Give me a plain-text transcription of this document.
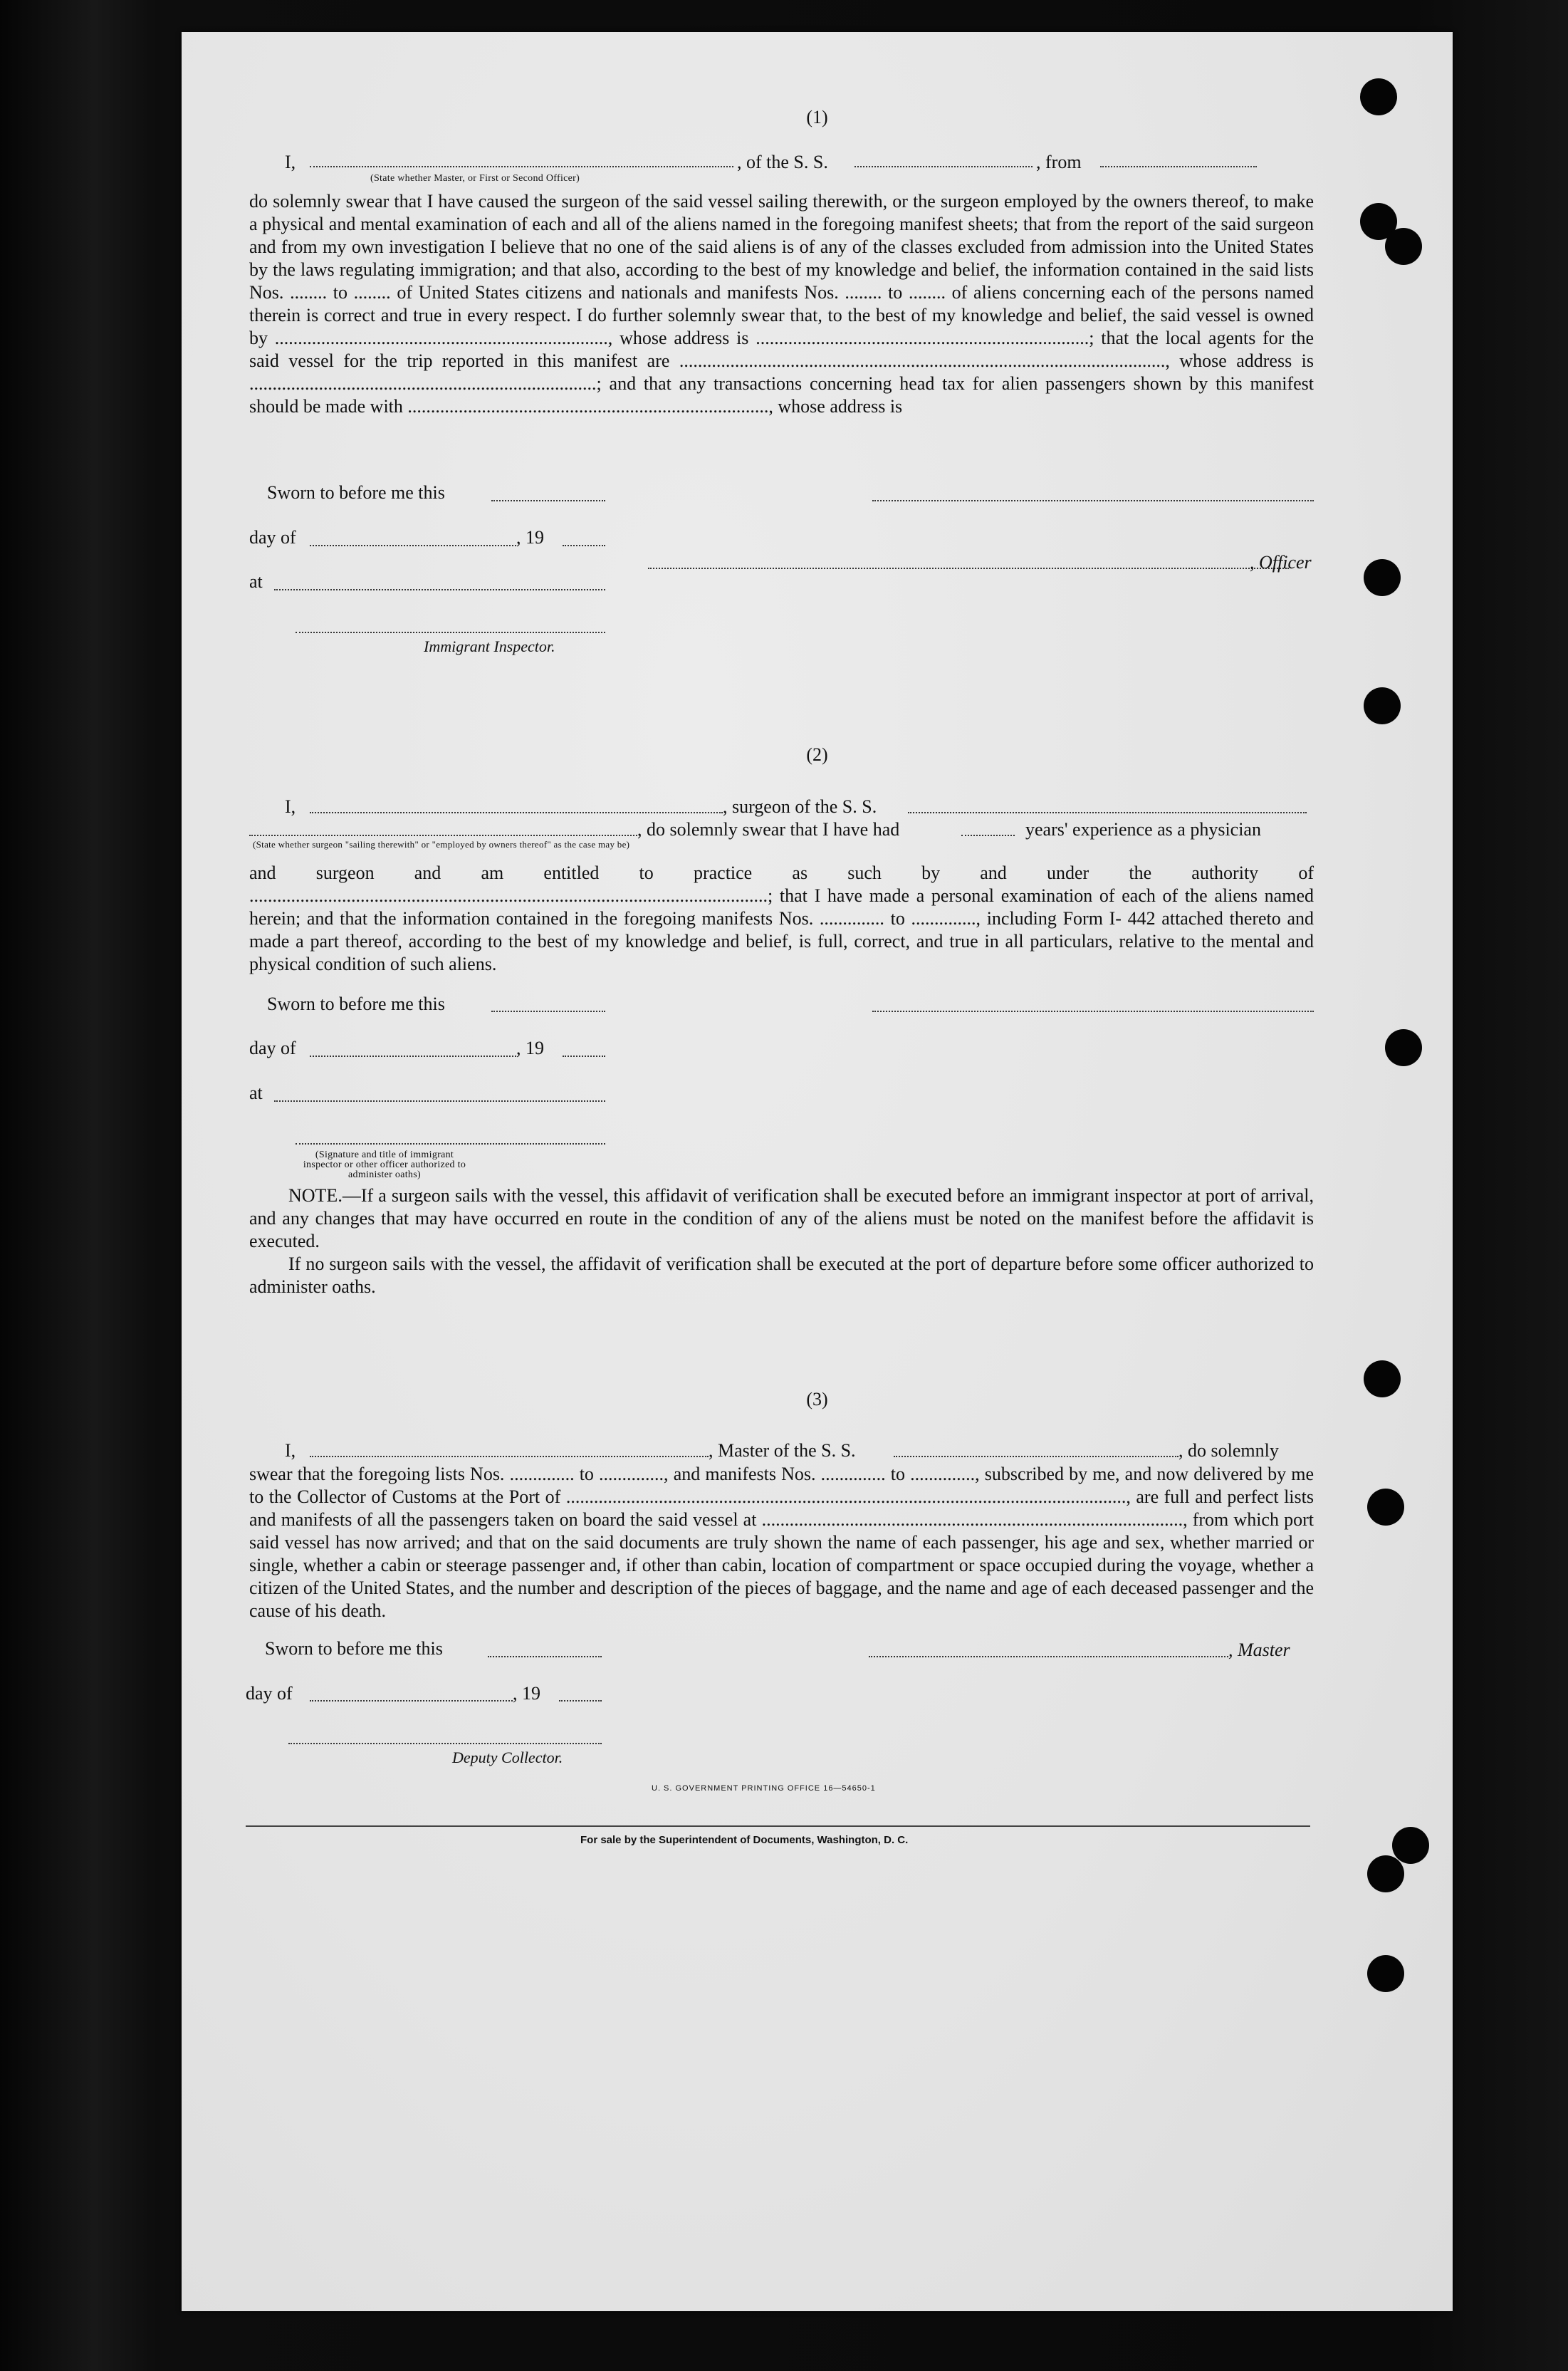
(1)
I,	, of the S. S.	, from
(State whether Master, or First or Second Officer)
do solemnly swear that I have caused the surgeon of the said vessel sailing therewith, or the surgeon employed by the owners thereof, to make a physical and mental examination of each and all of the aliens named in the foregoing manifest sheets; that from the report of the said surgeon and from my own investigation I believe that no one of the said aliens is of any of the classes excluded from admission into the United States by the laws regulating immigration; and that also, according to the best of my knowledge and belief, the information contained in the said lists Nos. ........ to ........ of United States citizens and nationals and manifests Nos. ........ to ........ of aliens concerning each of the persons named therein is correct and true in every respect. I do further solemnly swear that, to the best of my knowledge and belief, the said vessel is owned by ........................................................................, whose address is ........................................................................; that the local agents for the said vessel for the trip reported in this manifest are ........................................................................................................., whose address is ...........................................................................; and that any transactions concerning head tax for alien passengers shown by this manifest should be made with .............................................................................., whose address is
Sworn to before me this
day of	, 19
at
, Officer
Immigrant Inspector.
(2)
I,	, surgeon of the S. S.
, do solemnly swear that I have had	years' experience as a physician
(State whether surgeon "sailing therewith" or "employed by owners thereof" as the case may be)
and surgeon and am entitled to practice as such by and under the authority of ................................................................................................................; that I have made a personal examination of each of the aliens named herein; and that the information contained in the foregoing manifests Nos. .............. to .............., including Form I- 442 attached thereto and made a part thereof, according to the best of my knowledge and belief, is full, correct, and true in all particulars, relative to the mental and physical condition of such aliens.
Sworn to before me this
day of	, 19
at
(Signature and title of immigrant inspector or other officer authorized to administer oaths)
NOTE.—If a surgeon sails with the vessel, this affidavit of verification shall be executed before an immigrant inspector at port of arrival, and any changes that may have occurred en route in the condition of any of the aliens must be noted on the manifest before the affidavit is executed.
If no surgeon sails with the vessel, the affidavit of verification shall be executed at the port of departure before some officer authorized to administer oaths.
(3)
I,	, Master of the S. S.	, do solemnly
swear that the foregoing lists Nos. .............. to .............., and manifests Nos. .............. to .............., subscribed by me, and now delivered by me to the Collector of Customs at the Port of ........................................................................................................................., are full and perfect lists and manifests of all the passengers taken on board the said vessel at ..........................................................................................., from which port said vessel has now arrived; and that on the said documents are truly shown the name of each passenger, his age and sex, whether married or single, whether a cabin or steerage passenger and, if other than cabin, location of compartment or space occupied during the voyage, whether a citizen of the United States, and the number and description of the pieces of baggage, and the name and age of each deceased passenger and the cause of his death.
Sworn to before me this	, Master
day of	, 19
Deputy Collector.
U. S. GOVERNMENT PRINTING OFFICE 16—54650-1
For sale by the Superintendent of Documents, Washington, D. C.
